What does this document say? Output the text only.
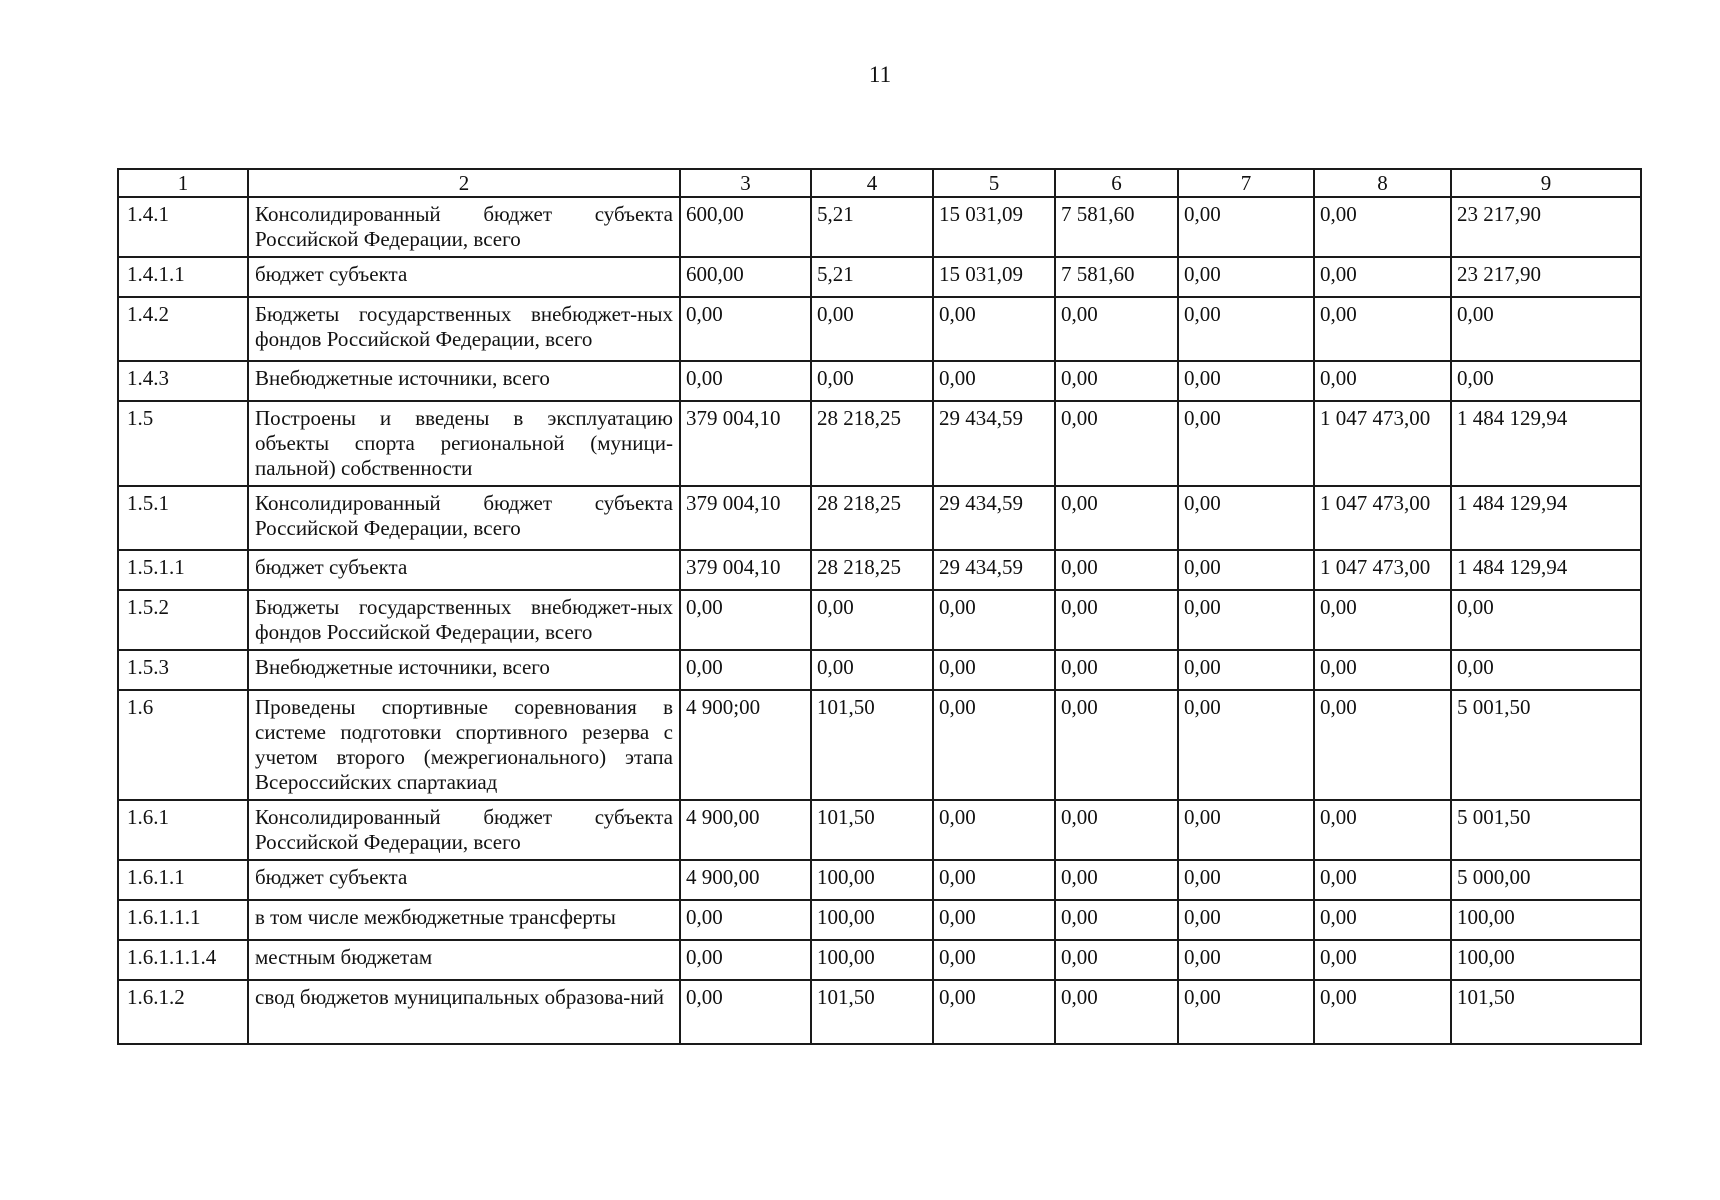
11
1	2	3	4	5	6	7	8	9
1.4.1	Консолидированный бюджет субъекта Российской Федерации, всего	600,00	5,21	15 031,09	7 581,60	0,00	0,00	23 217,90
1.4.1.1	бюджет субъекта	600,00	5,21	15 031,09	7 581,60	0,00	0,00	23 217,90
1.4.2	Бюджеты государственных внебюджет-ных фондов Российской Федерации, всего	0,00	0,00	0,00	0,00	0,00	0,00	0,00
1.4.3	Внебюджетные источники, всего	0,00	0,00	0,00	0,00	0,00	0,00	0,00
1.5	Построены и введены в эксплуатацию объекты спорта региональной (муници-пальной) собственности	379 004,10	28 218,25	29 434,59	0,00	0,00	1 047 473,00	1 484 129,94
1.5.1	Консолидированный бюджет субъекта Российской Федерации, всего	379 004,10	28 218,25	29 434,59	0,00	0,00	1 047 473,00	1 484 129,94
1.5.1.1	бюджет субъекта	379 004,10	28 218,25	29 434,59	0,00	0,00	1 047 473,00	1 484 129,94
1.5.2	Бюджеты государственных внебюджет-ных фондов Российской Федерации, всего	0,00	0,00	0,00	0,00	0,00	0,00	0,00
1.5.3	Внебюджетные источники, всего	0,00	0,00	0,00	0,00	0,00	0,00	0,00
1.6	Проведены спортивные соревнования в системе подготовки спортивного резерва с учетом второго (межрегионального) этапа Всероссийских спартакиад	4 900;00	101,50	0,00	0,00	0,00	0,00	5 001,50
1.6.1	Консолидированный бюджет субъекта Российской Федерации, всего	4 900,00	101,50	0,00	0,00	0,00	0,00	5 001,50
1.6.1.1	бюджет субъекта	4 900,00	100,00	0,00	0,00	0,00	0,00	5 000,00
1.6.1.1.1	в том числе межбюджетные трансферты	0,00	100,00	0,00	0,00	0,00	0,00	100,00
1.6.1.1.1.4	местным бюджетам	0,00	100,00	0,00	0,00	0,00	0,00	100,00
1.6.1.2	свод бюджетов муниципальных образова-ний	0,00	101,50	0,00	0,00	0,00	0,00	101,50
